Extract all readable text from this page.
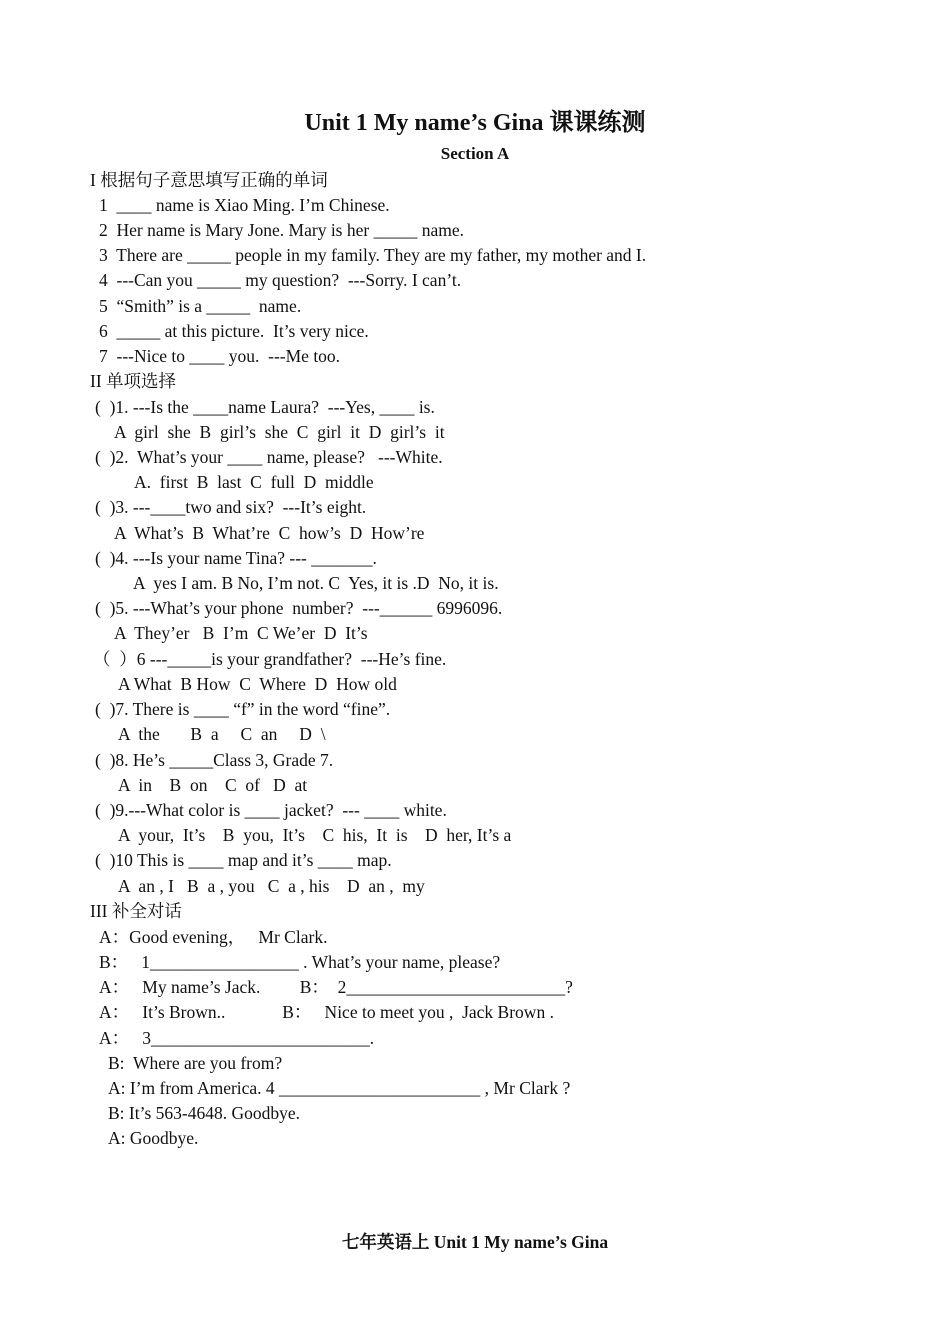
Unit 1 My name’s Gina 课课练测
Section A
I 根据句子意思填写正确的单词
1  ____ name is Xiao Ming. I’m Chinese.
2  Her name is Mary Jone. Mary is her _____ name.
3  There are _____ people in my family. They are my father, my mother and I.
4  ---Can you _____ my question?  ---Sorry. I can’t.
5  “Smith” is a _____  name.
6  _____ at this picture.  It’s very nice.
7  ---Nice to ____ you.  ---Me too.
II 单项选择
(  )1. ---Is the ____name Laura?  ---Yes, ____ is.
A  girl  she  B  girl’s  she  C  girl  it  D  girl’s  it
(  )2.  What’s your ____ name, please?   ---White.
A.  first  B  last  C  full  D  middle
(  )3. ---____two and six?  ---It’s eight.
A  What’s  B  What’re  C  how’s  D  How’re
(  )4. ---Is your name Tina? --- _______.
A  yes I am. B No, I’m not. C  Yes, it is .D  No, it is.
(  )5. ---What’s your phone  number?  ---______ 6996096.
A  They’er   B  I’m  C We’er  D  It’s
（  ）6 ---_____is your grandfather?  ---He’s fine.
A What  B How  C  Where  D  How old
(  )7. There is ____ “f” in the word “fine”.
A  the       B  a     C  an     D  \
(  )8. He’s _____Class 3, Grade 7.
A  in    B  on    C  of   D  at
(  )9.---What color is ____ jacket?  --- ____ white.
A  your,  It’s    B  you,  It’s    C  his,  It  is    D  her, It’s a
(  )10 This is ____ map and it’s ____ map.
A  an , I   B  a , you   C  a , his    D  an ,  my
III 补全对话
A：Good evening，   Mr Clark.
B：   1_________________ . What’s your name, please?
A：   My name’s Jack.         B：  2_________________________?
A：   It’s Brown..             B：   Nice to meet you ,  Jack Brown .
A：   3_________________________.
B:  Where are you from?
A: I’m from America. 4 _______________________ , Mr Clark ?
B: It’s 563-4648. Goodbye.
A: Goodbye.
七年英语上 Unit 1 My name’s Gina
